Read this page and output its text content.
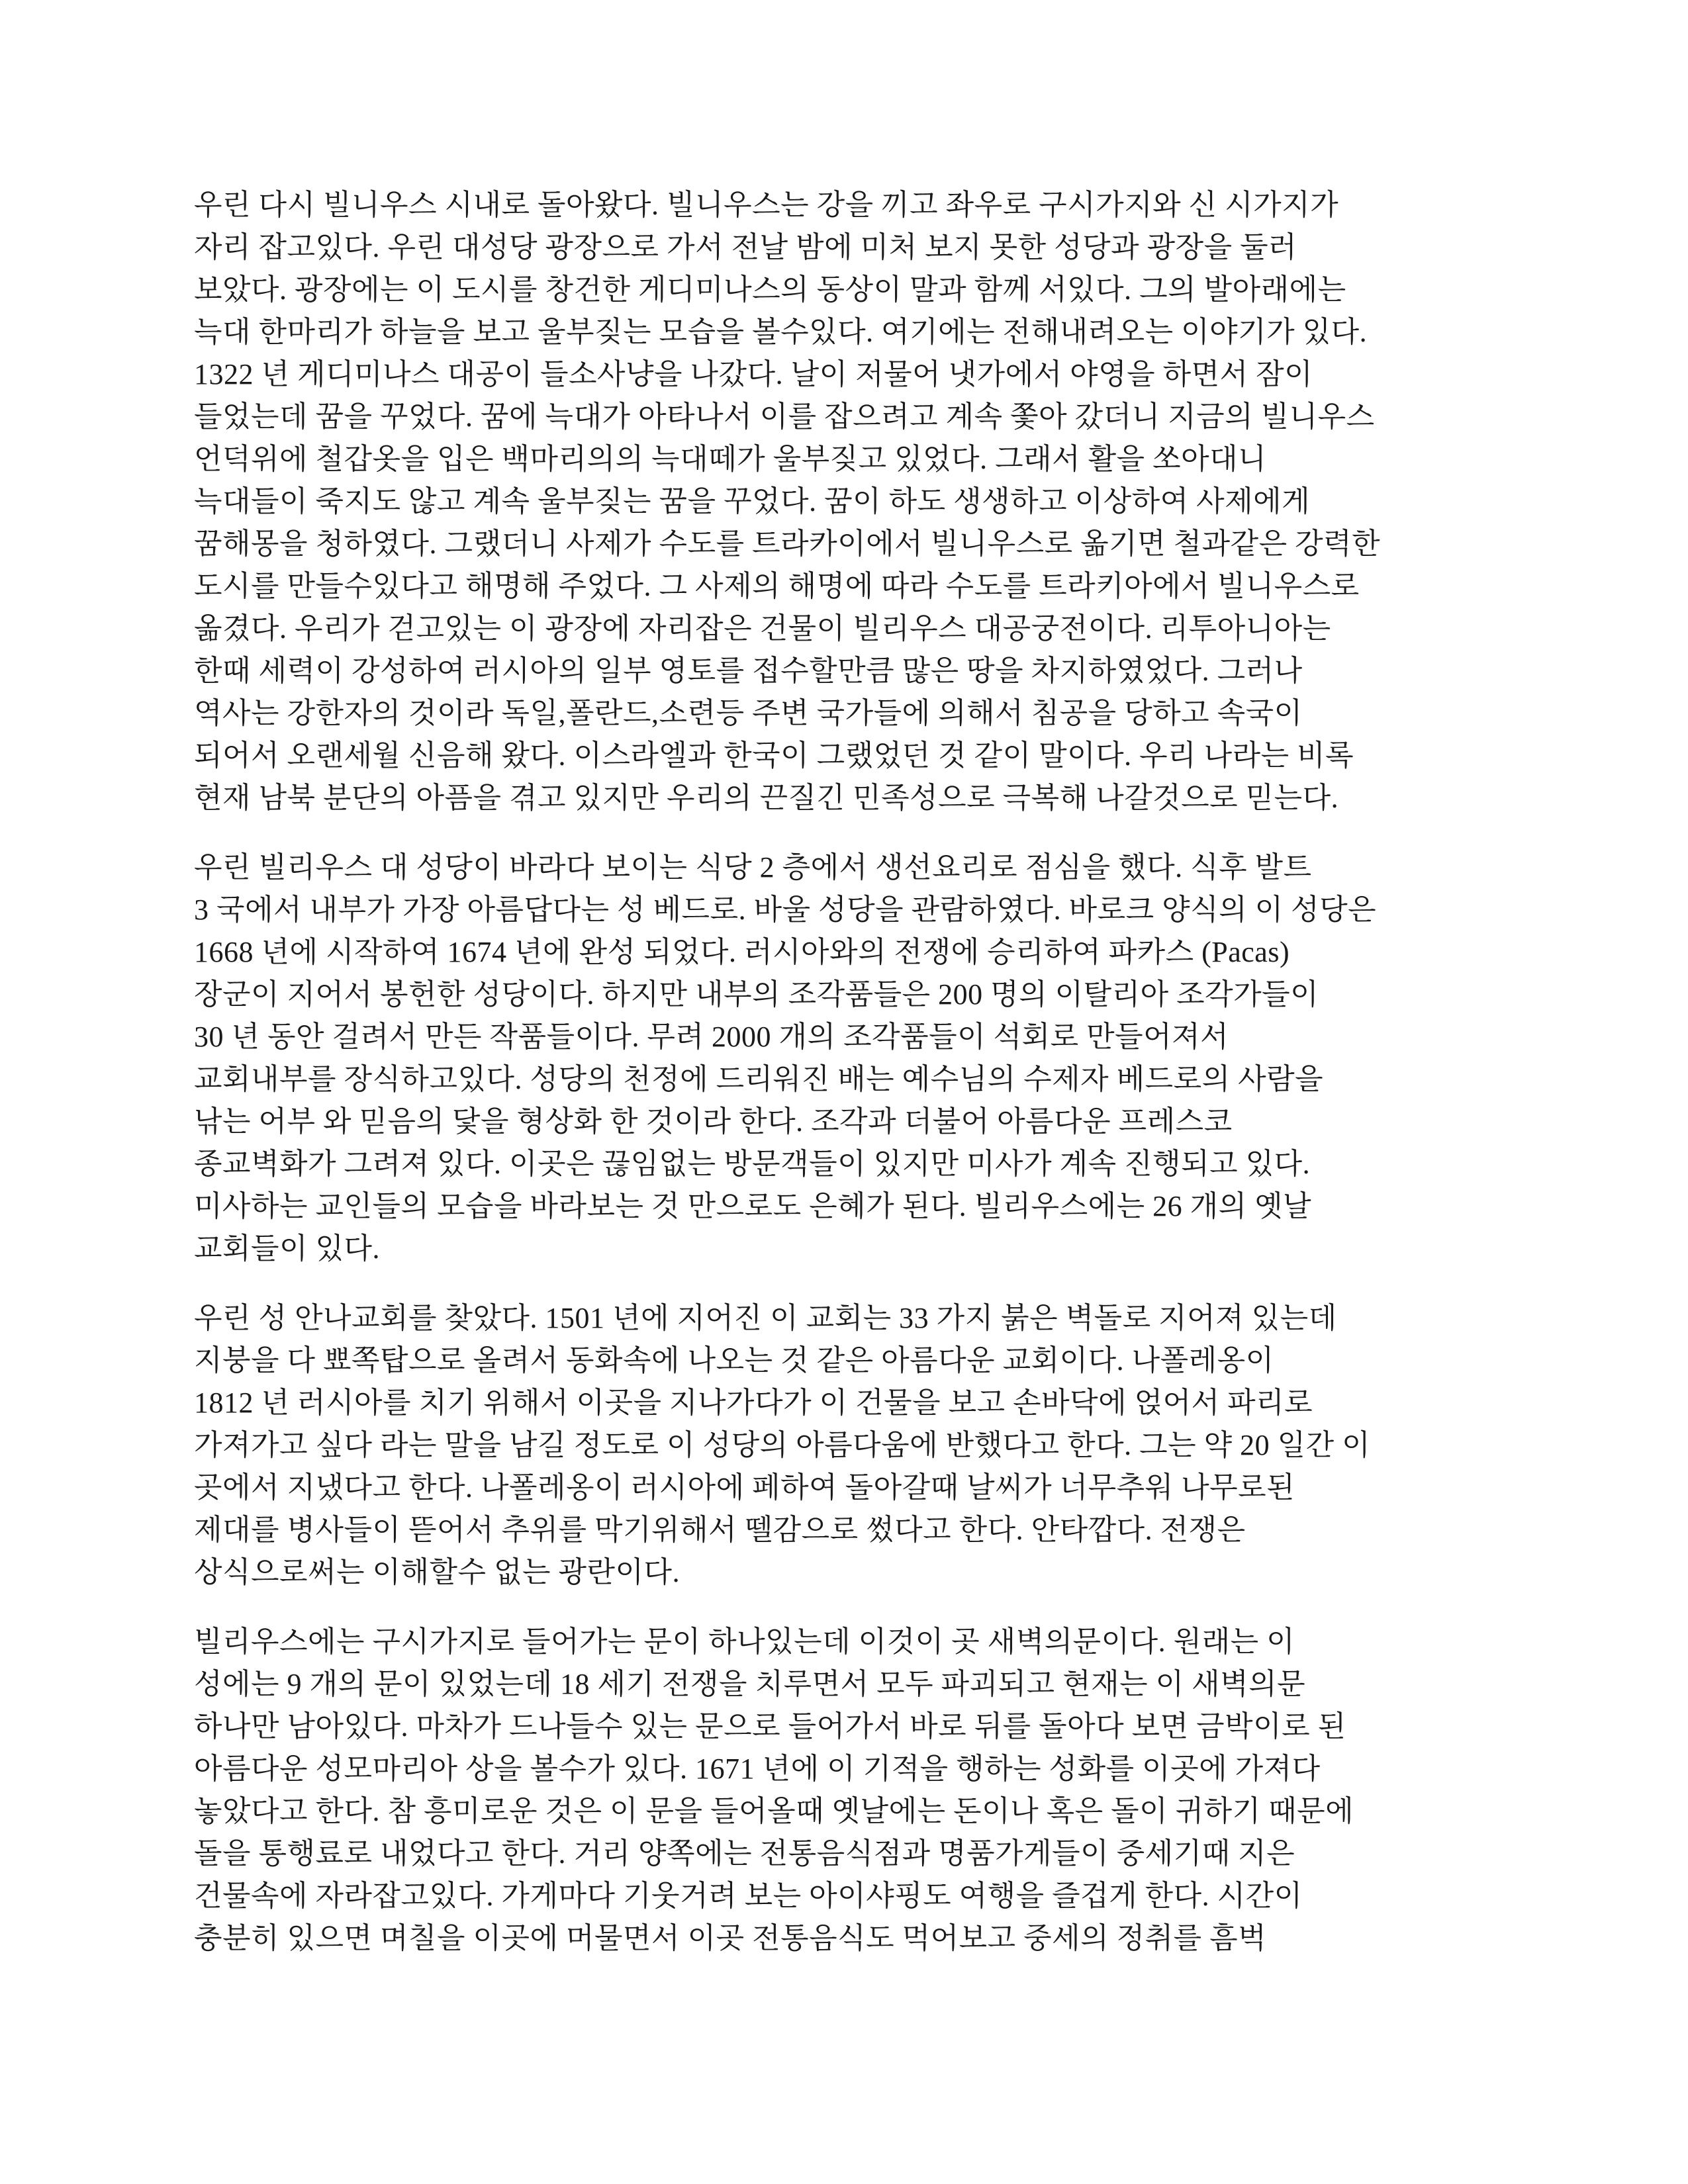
우린 다시 빌니우스 시내로 돌아왔다. 빌니우스는 강을 끼고 좌우로 구시가지와 신 시가지가
자리 잡고있다. 우린 대성당 광장으로 가서 전날 밤에 미처 보지 못한 성당과 광장을 둘러
보았다. 광장에는 이 도시를 창건한 게디미나스의 동상이 말과 함께 서있다. 그의 발아래에는
늑대 한마리가 하늘을 보고 울부짖는 모습을 볼수있다. 여기에는 전해내려오는 이야기가 있다.
1322 년 게디미나스 대공이 들소사냥을 나갔다. 날이 저물어 냇가에서 야영을 하면서 잠이
들었는데 꿈을 꾸었다. 꿈에 늑대가 아타나서 이를 잡으려고 계속 쫓아 갔더니 지금의 빌니우스
언덕위에 철갑옷을 입은 백마리의의 늑대떼가 울부짖고 있었다. 그래서 활을 쏘아대니
늑대들이 죽지도 않고 계속 울부짖는 꿈을 꾸었다. 꿈이 하도 생생하고 이상하여 사제에게
꿈해몽을 청하였다. 그랬더니 사제가 수도를 트라카이에서 빌니우스로 옮기면 철과같은 강력한
도시를 만들수있다고 해명해 주었다. 그 사제의 해명에 따라 수도를 트라키아에서 빌니우스로
옮겼다. 우리가 걷고있는 이 광장에 자리잡은 건물이 빌리우스 대공궁전이다. 리투아니아는
한때 세력이 강성하여 러시아의 일부 영토를 접수할만큼 많은 땅을 차지하였었다. 그러나
역사는 강한자의 것이라 독일,폴란드,소련등 주변 국가들에 의해서 침공을 당하고 속국이
되어서 오랜세월 신음해 왔다. 이스라엘과 한국이 그랬었던 것 같이 말이다. 우리 나라는 비록
현재 남북 분단의 아픔을 겪고 있지만 우리의 끈질긴 민족성으로 극복해 나갈것으로 믿는다.
우린 빌리우스 대 성당이 바라다 보이는 식당 2 층에서 생선요리로 점심을 했다. 식후 발트
3 국에서 내부가 가장 아름답다는 성 베드로. 바울 성당을 관람하였다. 바로크 양식의 이 성당은
1668 년에 시작하여 1674 년에 완성 되었다. 러시아와의 전쟁에 승리하여 파카스 (Pacas)
장군이 지어서 봉헌한 성당이다. 하지만 내부의 조각품들은 200 명의 이탈리아 조각가들이
30 년 동안 걸려서 만든 작품들이다. 무려 2000 개의 조각품들이 석회로 만들어져서
교회내부를 장식하고있다. 성당의 천정에 드리워진 배는 예수님의 수제자 베드로의 사람을
낚는 어부 와 믿음의 닻을 형상화 한 것이라 한다. 조각과 더불어 아름다운 프레스코
종교벽화가 그려져 있다. 이곳은 끊임없는 방문객들이 있지만 미사가 계속 진행되고 있다.
미사하는 교인들의 모습을 바라보는 것 만으로도 은혜가 된다. 빌리우스에는 26 개의 옛날
교회들이 있다.
우린 성 안나교회를 찾았다. 1501 년에 지어진 이 교회는 33 가지 붉은 벽돌로 지어져 있는데
지붕을 다 뾰쪽탑으로 올려서 동화속에 나오는 것 같은 아름다운 교회이다. 나폴레옹이
1812 년 러시아를 치기 위해서 이곳을 지나가다가 이 건물을 보고 손바닥에 얹어서 파리로
가져가고 싶다 라는 말을 남길 정도로 이 성당의 아름다움에 반했다고 한다. 그는 약 20 일간 이
곳에서 지냈다고 한다. 나폴레옹이 러시아에 페하여 돌아갈때 날씨가 너무추워 나무로된
제대를 병사들이 뜯어서 추위를 막기위해서 뗄감으로 썼다고 한다. 안타깝다. 전쟁은
상식으로써는 이해할수 없는 광란이다.
빌리우스에는 구시가지로 들어가는 문이 하나있는데 이것이 곳 새벽의문이다. 원래는 이
성에는 9 개의 문이 있었는데 18 세기 전쟁을 치루면서 모두 파괴되고 현재는 이 새벽의문
하나만 남아있다. 마차가 드나들수 있는 문으로 들어가서 바로 뒤를 돌아다 보면 금박이로 된
아름다운 성모마리아 상을 볼수가 있다. 1671 년에 이 기적을 행하는 성화를 이곳에 가져다
놓았다고 한다. 참 흥미로운 것은 이 문을 들어올때 옛날에는 돈이나 혹은 돌이 귀하기 때문에
돌을 통행료로 내었다고 한다. 거리 양쪽에는 전통음식점과 명품가게들이 중세기때 지은
건물속에 자라잡고있다. 가게마다 기웃거려 보는 아이샤핑도 여행을 즐겁게 한다. 시간이
충분히 있으면 며칠을 이곳에 머물면서 이곳 전통음식도 먹어보고 중세의 정취를 흠벅
